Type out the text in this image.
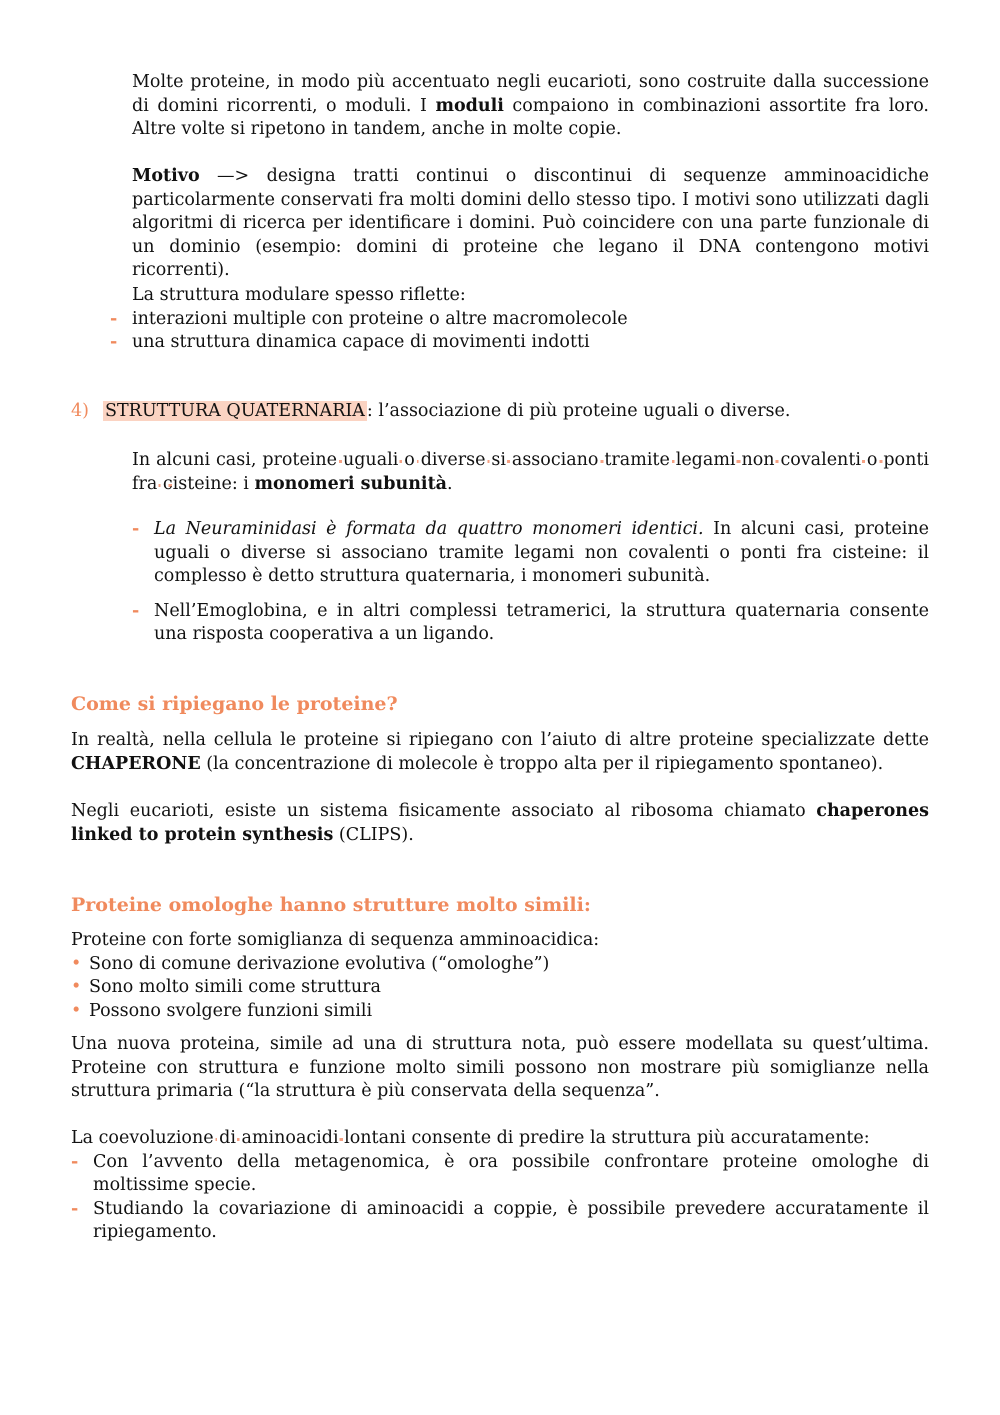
Molte proteine, in modo più accentuato negli eucarioti, sono costruite dalla successione di domini ricorrenti, o moduli. I moduli compaiono in combinazioni assortite fra loro. Altre volte si ripetono in tandem, anche in molte copie.

Motivo —> designa tratti continui o discontinui di sequenze amminoacidiche particolarmente conservati fra molti domini dello stesso tipo. I motivi sono utilizzati dagli algoritmi di ricerca per identificare i domini. Può coincidere con una parte funzionale di un dominio (esempio: domini di proteine che legano il DNA contengono motivi ricorrenti).

La struttura modulare spesso riflette:

- interazioni multiple con proteine o altre macromolecole
- una struttura dinamica capace di movimenti indotti
4) STRUTTURA QUATERNARIA : l’associazione di più proteine uguali o diverse.

In alcuni casi, proteine uguali o diverse si associano tramite legami non covalenti o ponti fra cisteine: i monomeri subunità.

- La Neuraminidasi è formata da quattro monomeri identici. In alcuni casi, proteine uguali o diverse si associano tramite legami non covalenti o ponti fra cisteine: il complesso è detto struttura quaternaria, i monomeri subunità.
- Nell’Emoglobina, e in altri complessi tetramerici, la struttura quaternaria consente una risposta cooperativa a un ligando.
Come si ripiegano le proteine?

In realtà, nella cellula le proteine si ripiegano con l’aiuto di altre proteine specializzate dette CHAPERONE (la concentrazione di molecole è troppo alta per il ripiegamento spontaneo).

Negli eucarioti, esiste un sistema fisicamente associato al ribosoma chiamato chaperones linked to protein synthesis (CLIPS).

Proteine omologhe hanno strutture molto simili:

Proteine con forte somiglianza di sequenza amminoacidica:

• Sono di comune derivazione evolutiva (“omologhe”)
• Sono molto simili come struttura
• Possono svolgere funzioni simili

Una nuova proteina, simile ad una di struttura nota, può essere modellata su quest’ultima. Proteine con struttura e funzione molto simili possono non mostrare più somiglianze nella struttura primaria (“la struttura è più conservata della sequenza”.

La coevoluzione di aminoacidi lontani consente di predire la struttura più accuratamente:

- Con l’avvento della metagenomica, è ora possibile confrontare proteine omologhe di moltissime specie.
- Studiando la covariazione di aminoacidi a coppie, è possibile prevedere accuratamente il ripiegamento.
